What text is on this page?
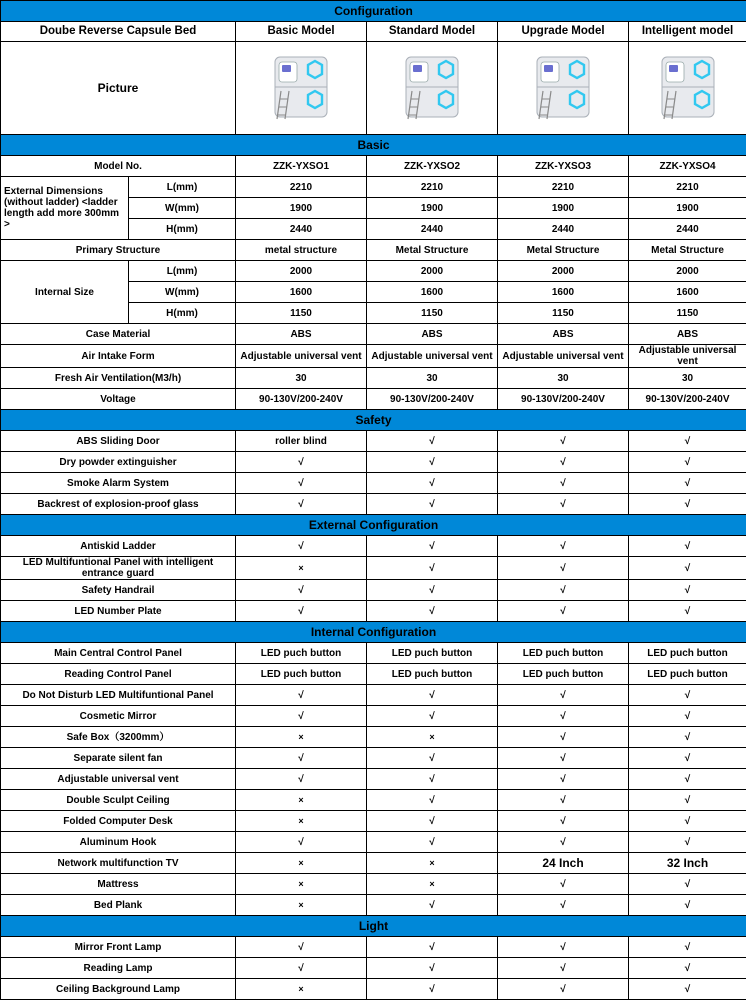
Configuration					
Doube Reverse Capsule Bed		Basic Model	Standard Model	Upgrade Model	Intelligent model
Picture	

Basic					
Model No.		ZZK-YXSO1	ZZK-YXSO2	ZZK-YXSO3	ZZK-YXSO4
External Dimensions (without ladder) <ladder length add more 300mm >	L(mm)	2210	2210	2210	2210
	W(mm)	1900	1900	1900	1900
	H(mm)	2440	2440	2440	2440
Primary Structure		metal structure	Metal Structure	Metal Structure	Metal Structure
Internal Size	L(mm)	2000	2000	2000	2000
	W(mm)	1600	1600	1600	1600
	H(mm)	1150	1150	1150	1150
Case Material		ABS	ABS	ABS	ABS
Air Intake Form		Adjustable universal vent	Adjustable universal vent	Adjustable universal vent	Adjustable universal vent
Fresh Air Ventilation(M3/h)		30	30	30	30
Voltage		90-130V/200-240V	90-130V/200-240V	90-130V/200-240V	90-130V/200-240V
Safety					
ABS Sliding Door		roller blind	√	√	√
Dry powder extinguisher		√	√	√	√
Smoke Alarm System		√	√	√	√
Backrest of explosion-proof glass		√	√	√	√
External Configuration					
Antiskid Ladder		√	√	√	√
LED Multifuntional Panel with intelligent entrance guard		×	√	√	√
Safety Handrail		√	√	√	√
LED Number Plate		√	√	√	√
Internal Configuration					
Main Central Control Panel		LED puch button	LED puch button	LED puch button	LED puch button
Reading Control Panel		LED puch button	LED puch button	LED puch button	LED puch button
Do Not Disturb LED Multifuntional Panel		√	√	√	√
Cosmetic Mirror		√	√	√	√
Safe Box（3200mm）		×	×	√	√
Separate silent fan		√	√	√	√
Adjustable universal vent		√	√	√	√
Double Sculpt Ceiling		×	√	√	√
Folded Computer Desk		×	√	√	√
Aluminum Hook		√	√	√	√
Network multifunction TV		×	×	24 Inch	32 Inch
Mattress		×	×	√	√
Bed Plank		×	√	√	√
Light					
Mirror Front Lamp		√	√	√	√
Reading Lamp		√	√	√	√
Ceiling Background Lamp		×	√	√	√
